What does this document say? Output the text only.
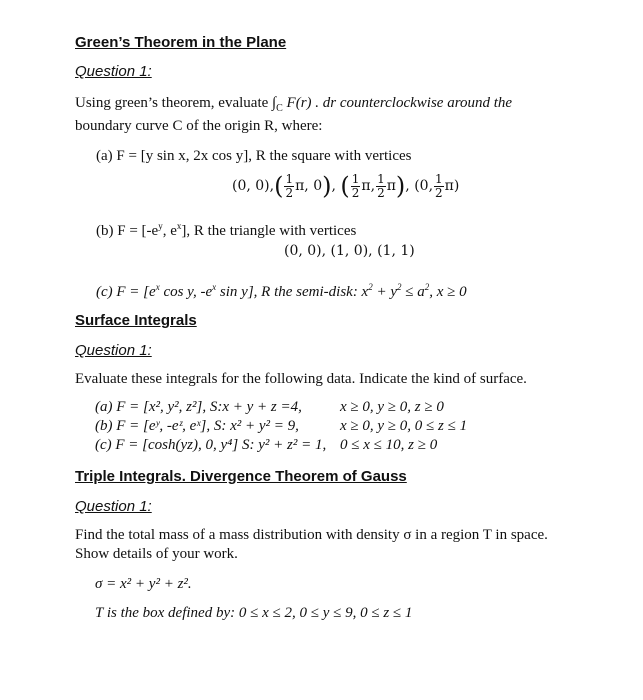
Green’s Theorem in the Plane
Question 1:
Using green’s theorem, evaluate $\int_C$ F(r) . dr counterclockwise around the
boundary curve C of the origin R, where:
(a) F = [y sin x, 2x cos y], R the square with vertices
(0, 0), ( $\frac{1}{2} \pi$, 0 ) , ( $\frac{1}{2} \pi$, $\frac{1}{2}$ π ) , (0, $\frac{1}{2}$ π )
(b) $F = [-e^y$, $e^x$], R the triangle with vertices
(0, 0), (1, 0), (1, 1)
(c) $F = [e^x$ cos y, $-e^x$ sin y], R the semi-disk: $x^2 + y^2 \le a^2$, x ≥ 0
Surface Integrals
Question 1:
Evaluate these integrals for the following data. Indicate the kind of surface.
(a) F = [x², y², z²], S:x + y + z =4,	x ≥ 0, y ≥ 0, z ≥ 0
(b) F = [eʸ, -eᶻ, eˣ], S: x² + y² = 9,	x ≥ 0, y ≥ 0, 0 ≤ z ≤ 1
(c) F = [cosh(yz), 0, y⁴] S: y² + z² = 1, 0 ≤ x ≤ 10, z ≥ 0
Triple Integrals. Divergence Theorem of Gauss
Question 1:
Find the total mass of a mass distribution with density σ in a region T in space.
Show details of your work.
σ = x² + y² + z².
T is the box defined by: 0 ≤ x ≤ 2, 0 ≤ y ≤ 9, 0 ≤ z ≤ 1
